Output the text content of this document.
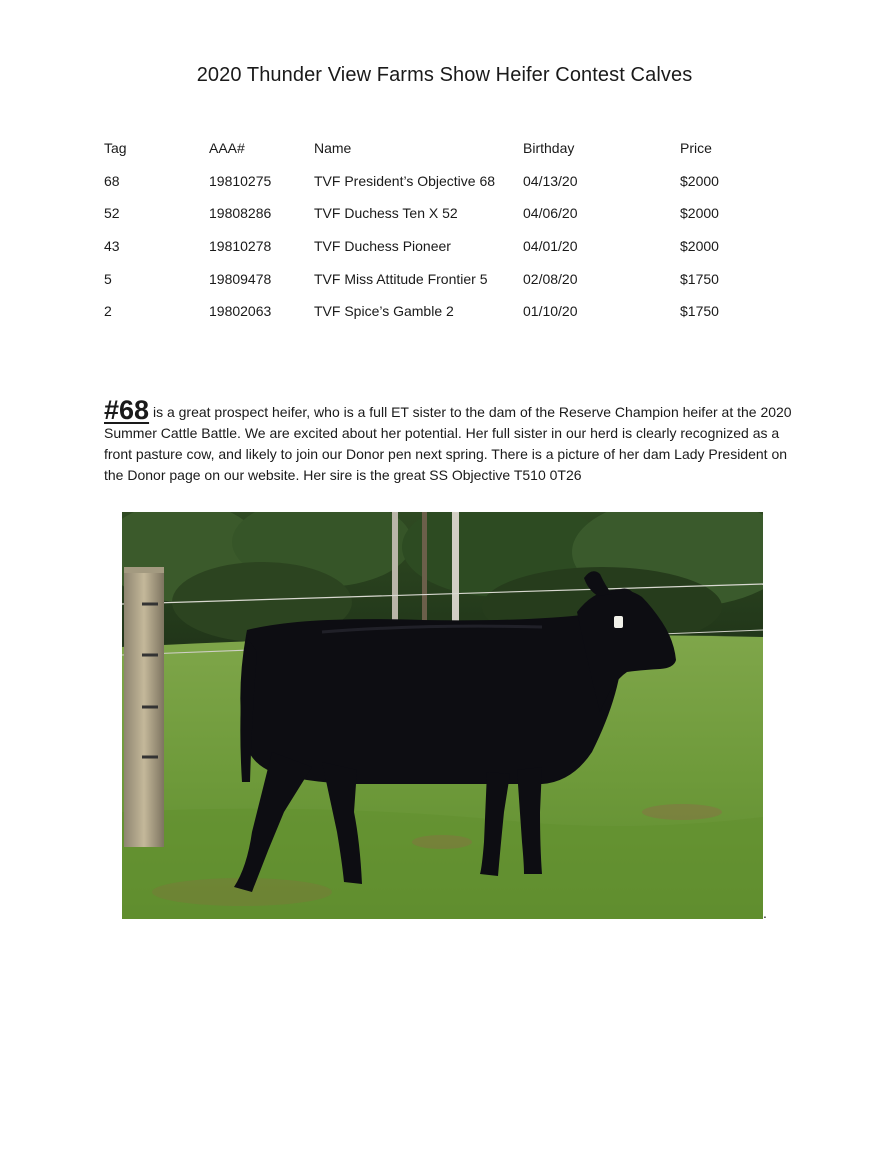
2020 Thunder View Farms Show Heifer Contest Calves
Tag	AAA#	Name	Birthday	Price
68	19810275	TVF President’s Objective 68	04/13/20	$2000
52	19808286	TVF Duchess Ten X 52	04/06/20	$2000
43	19810278	TVF Duchess Pioneer	04/01/20	$2000
5	19809478	TVF Miss Attitude Frontier 5	02/08/20	$1750
2	19802063	TVF Spice’s Gamble 2	01/10/20	$1750
#68 is a great prospect heifer, who is a full ET sister to the dam of the Reserve Champion heifer at the 2020 Summer Cattle Battle. We are excited about her potential. Her full sister in our herd is clearly recognized as a front pasture cow, and likely to join our Donor pen next spring. There is a picture of her dam Lady President on the Donor page on our website. Her sire is the great SS Objective T510 0T26
.
